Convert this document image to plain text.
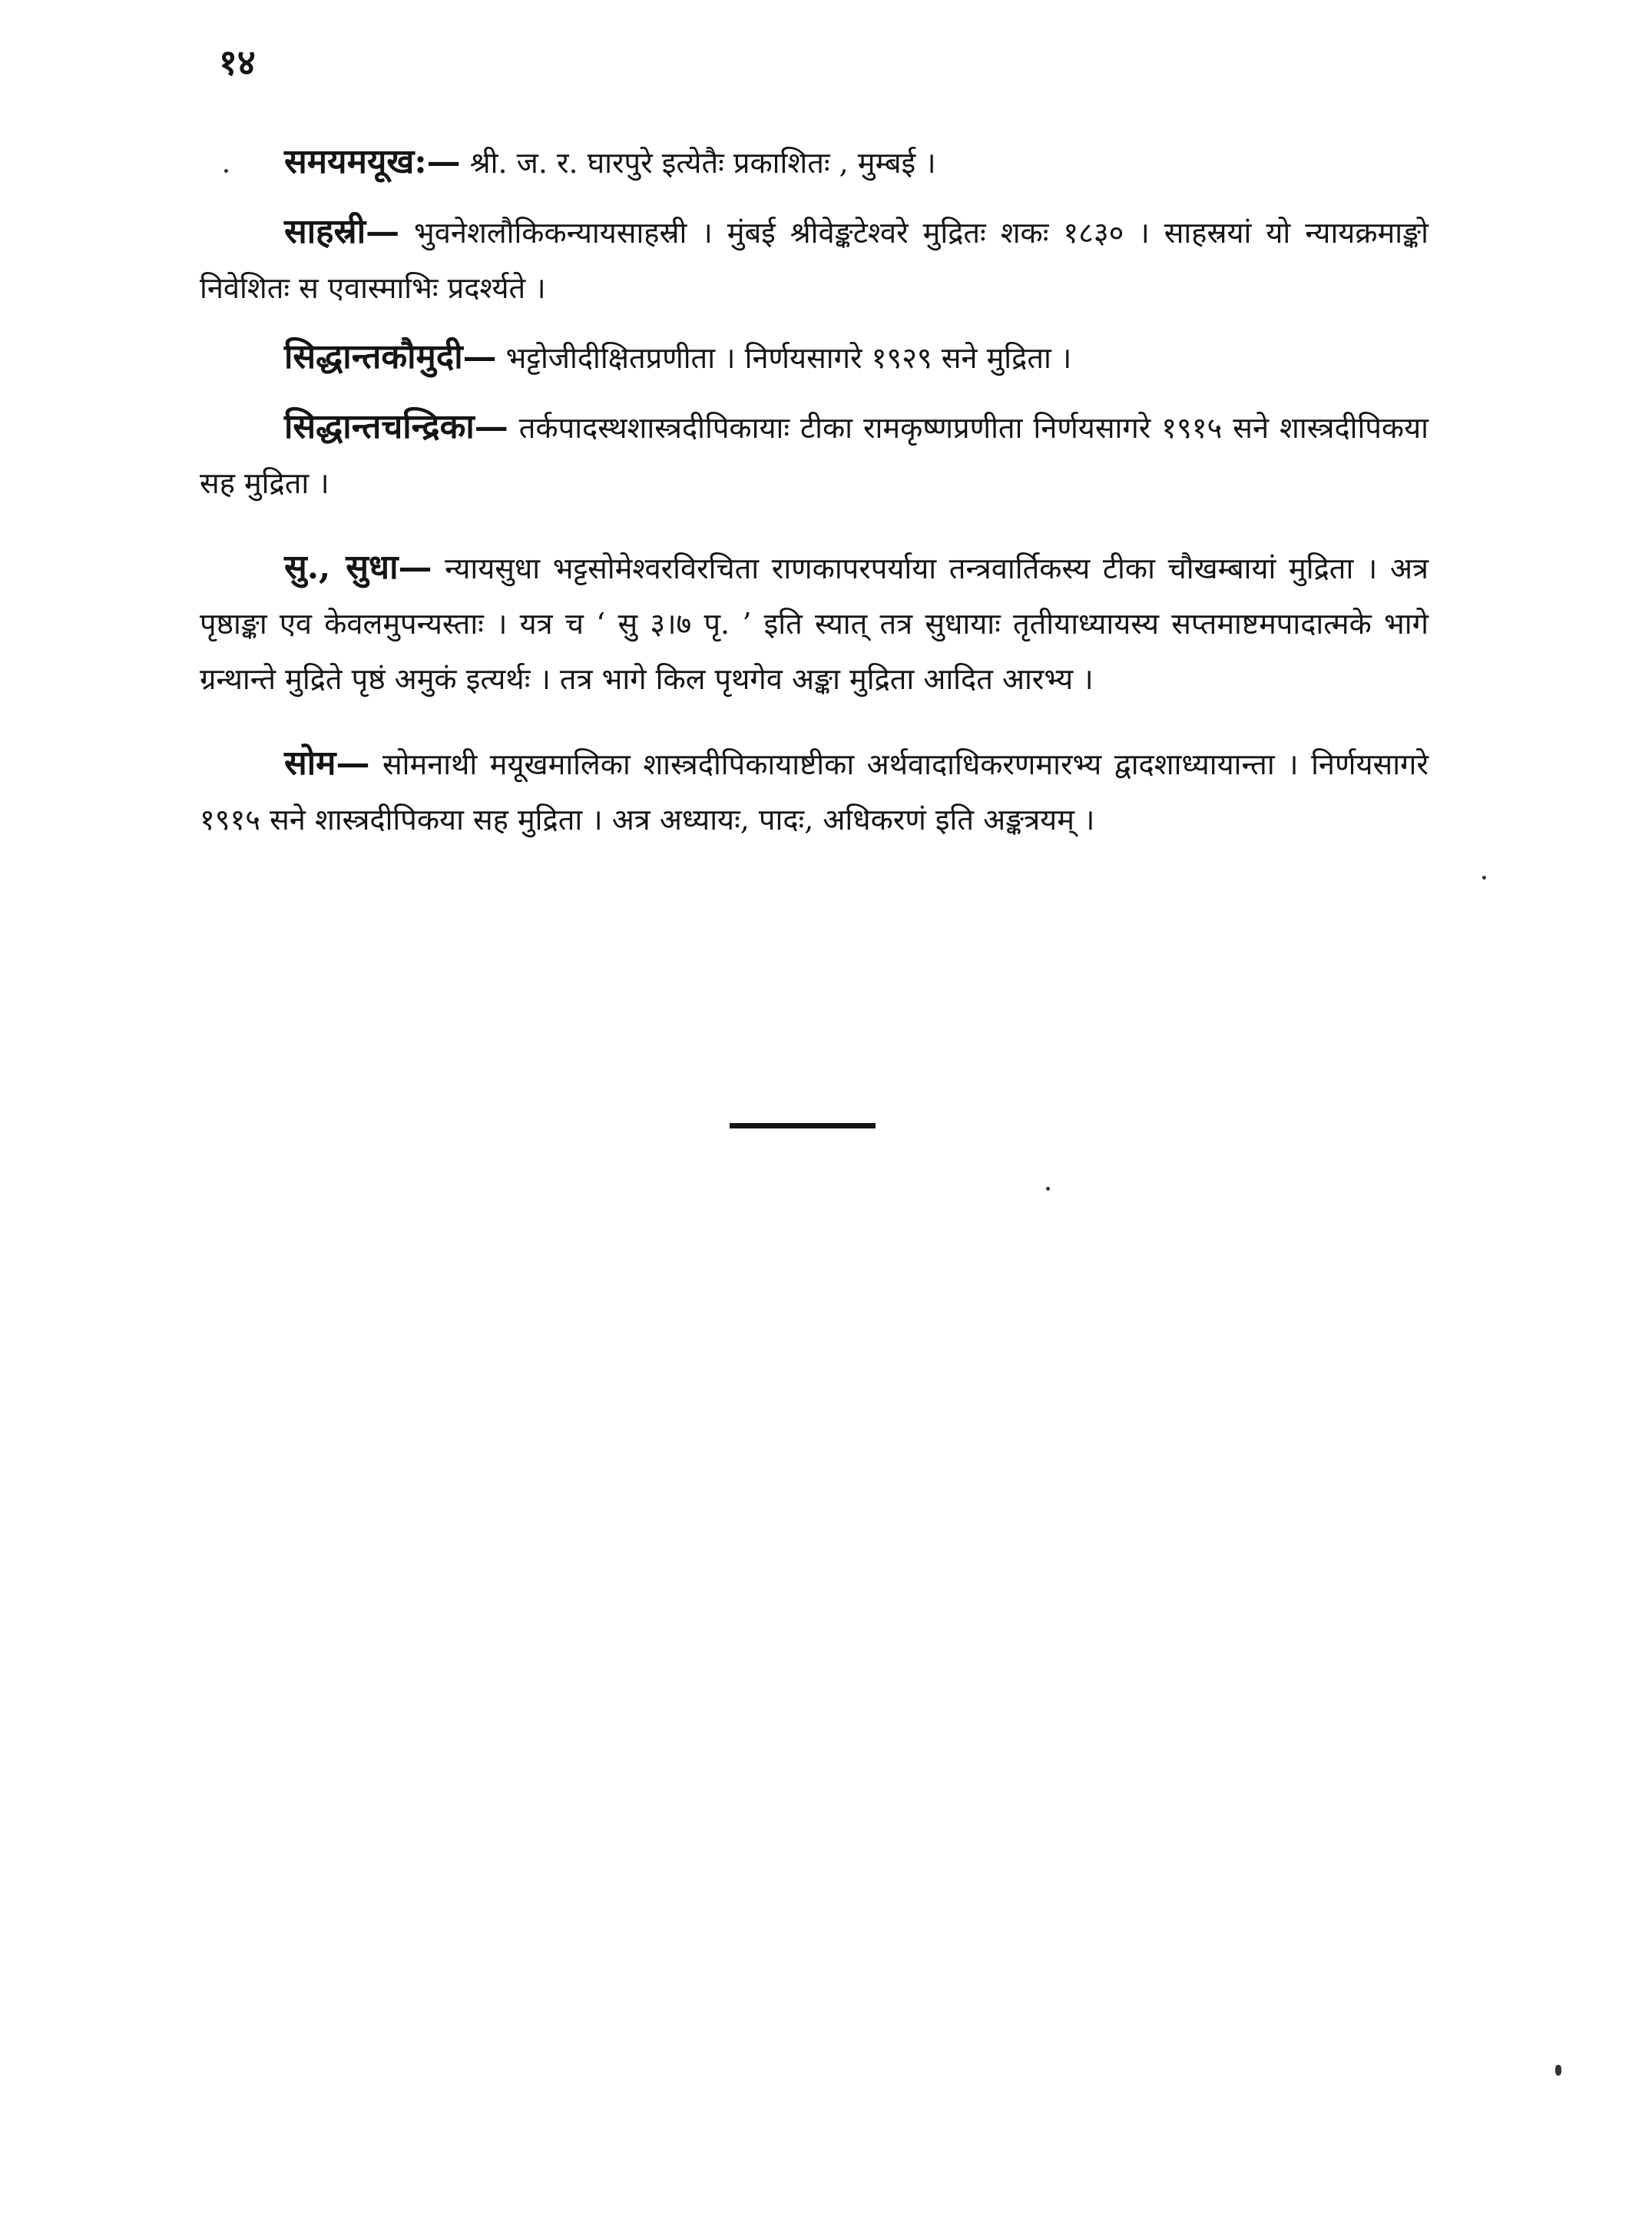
१४

समयमयूख:— श्री. ज. र. घारपुरे इत्येतैः प्रकाशितः , मुम्बई ।

साहस्री— भुवनेशलौकिकन्यायसाहस्री । मुंबई श्रीवेङ्कटेश्वरे मुद्रितः शकः १८३० । साहस्रयां यो न्यायक्रमाङ्को निवेशितः स एवास्माभिः प्रदर्श्यते ।

सिद्धान्तकौमुदी— भट्टोजीदीक्षितप्रणीता । निर्णयसागरे १९२९ सने मुद्रिता ।

सिद्धान्तचन्द्रिका— तर्कपादस्थशास्त्रदीपिकायाः टीका रामकृष्णप्रणीता निर्णयसागरे १९१५ सने शास्त्रदीपिकया सह मुद्रिता ।

सु., सुधा— न्यायसुधा भट्टसोमेश्वरविरचिता राणकापरपर्याया तन्त्रवार्तिकस्य टीका चौखम्बायां मुद्रिता । अत्र पृष्ठाङ्का एव केवलमुपन्यस्ताः । यत्र च ‘ सु ३।७ पृ. ’ इति स्यात् तत्र सुधायाः तृतीयाध्यायस्य सप्तमाष्टमपादात्मके भागे ग्रन्थान्ते मुद्रिते पृष्ठं अमुकं इत्यर्थः । तत्र भागे किल पृथगेव अङ्का मुद्रिता आदित आरभ्य ।

सोम— सोमनाथी मयूखमालिका शास्त्रदीपिकायाष्टीका अर्थवादाधिकरणमारभ्य द्वादशाध्यायान्ता । निर्णयसागरे १९१५ सने शास्त्रदीपिकया सह मुद्रिता । अत्र अध्यायः, पादः, अधिकरणं इति अङ्कत्रयम् ।
